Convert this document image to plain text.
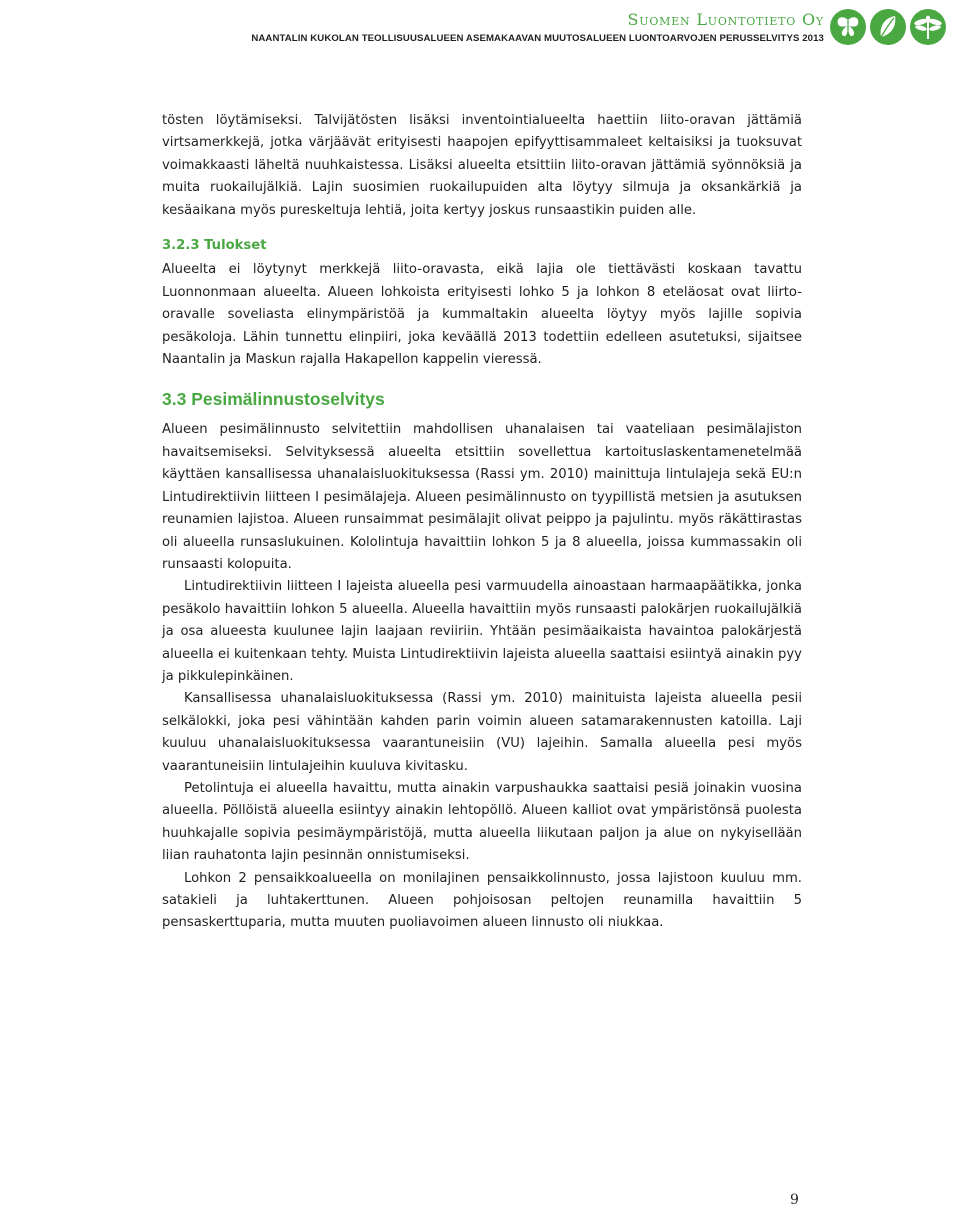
Suomen Luontotieto Oy
NAANTALIN KUKOLAN TEOLLISUUSALUEEN ASEMAKAAVAN MUUTOSALUEEN LUONTOARVOJEN PERUSSELVITYS 2013

tösten löytämiseksi. Talvijätösten lisäksi inventointialueelta haettiin liito-oravan jättämiä virtsamerkkejä, jotka värjäävät erityisesti haapojen epifyyttisammaleet keltaisiksi ja tuoksuvat voimakkaasti läheltä nuuhkaistessa. Lisäksi alueelta etsittiin liito-oravan jättämiä syönnöksiä ja muita ruokailujälkiä. Lajin suosimien ruokailupuiden alta löytyy silmuja ja oksankärkiä ja kesäaikana myös pureskeltuja lehtiä, joita kertyy joskus runsaastikin puiden alle.

3.2.3 Tulokset

Alueelta ei löytynyt merkkejä liito-oravasta, eikä lajia ole tiettävästi koskaan tavattu Luonnonmaan alueelta. Alueen lohkoista erityisesti lohko 5 ja lohkon 8 eteläosat ovat liirto-oravalle soveliasta elinympäristöä ja kummaltakin alueelta löytyy myös lajille sopivia pesäkoloja. Lähin tunnettu elinpiiri, joka keväällä 2013 todettiin edelleen asutetuksi, sijaitsee Naantalin ja Maskun rajalla Hakapellon kappelin vieressä.

3.3 Pesimälinnustoselvitys

Alueen pesimälinnusto selvitettiin mahdollisen uhanalaisen tai vaateliaan pesimälajiston havaitsemiseksi. Selvityksessä alueelta etsittiin sovellettua kartoituslaskentamenetelmää käyttäen kansallisessa uhanalaisluokituksessa (Rassi ym. 2010) mainittuja lintulajeja sekä EU:n Lintudirektiivin liitteen I pesimälajeja. Alueen pesimälinnusto on tyypillistä metsien ja asutuksen reunamien lajistoa. Alueen runsaimmat pesimälajit olivat peippo ja pajulintu. myös räkättirastas oli alueella runsaslukuinen. Kololintuja havaittiin lohkon 5 ja 8 alueella, joissa kummassakin oli runsaasti kolopuita.

Lintudirektiivin liitteen I lajeista alueella pesi varmuudella ainoastaan harmaapäätikka, jonka pesäkolo havaittiin lohkon 5 alueella. Alueella havaittiin myös runsaasti palokärjen ruokailujälkiä ja osa alueesta kuulunee lajin laajaan reviiriin. Yhtään pesimäaikaista havaintoa palokärjestä alueella ei kuitenkaan tehty. Muista Lintudirektiivin lajeista alueella saattaisi esiintyä ainakin pyy ja pikkulepinkäinen.

Kansallisessa uhanalaisluokituksessa (Rassi ym. 2010) mainituista lajeista alueella pesii selkälokki, joka pesi vähintään kahden parin voimin alueen satamarakennusten katoilla. Laji kuuluu uhanalaisluokituksessa vaarantuneisiin (VU) lajeihin. Samalla alueella pesi myös vaarantuneisiin lintulajeihin kuuluva kivitasku.

Petolintuja ei alueella havaittu, mutta ainakin varpushaukka saattaisi pesiä joinakin vuosina alueella. Pöllöistä alueella esiintyy ainakin lehtopöllö. Alueen kalliot ovat ympäristönsä puolesta huuhkajalle sopivia pesimäympäristöjä, mutta alueella liikutaan paljon ja alue on nykyisellään liian rauhatonta lajin pesinnän onnistumiseksi.

Lohkon 2 pensaikkoalueella on monilajinen pensaikkolinnusto, jossa lajistoon kuuluu mm. satakieli ja luhtakerttunen. Alueen pohjoisosan peltojen reunamilla havaittiin 5 pensaskerttuparia, mutta muuten puoliavoimen alueen linnusto oli niukkaa.

9
